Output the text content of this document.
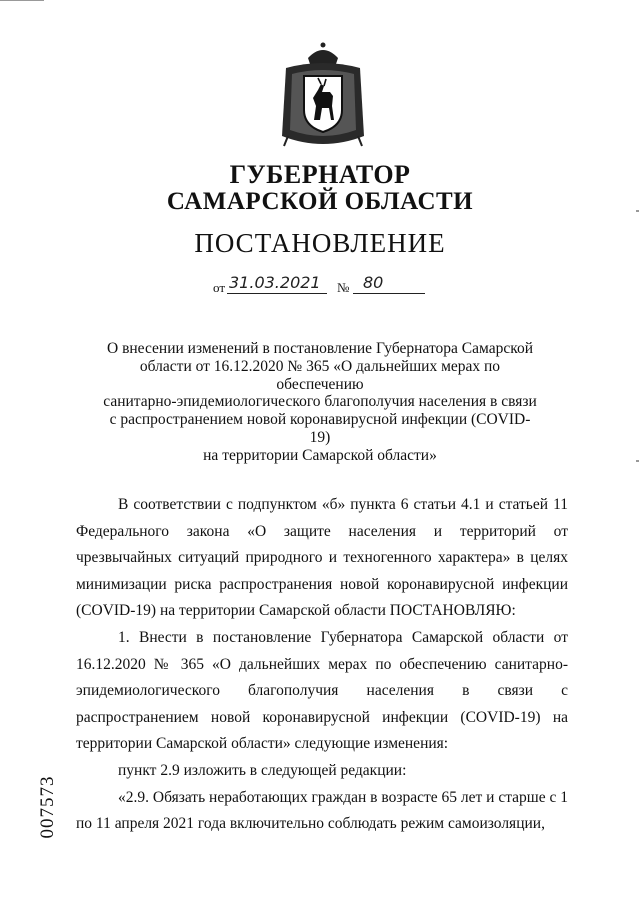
ГУБЕРНАТОР
САМАРСКОЙ ОБЛАСТИ
ПОСТАНОВЛЕНИЕ
от 31.03.2021 № 80
О внесении изменений в постановление Губернатора Самарской
области от 16.12.2020 № 365 «О дальнейших мерах по обеспечению
санитарно-эпидемиологического благополучия населения в связи
с распространением новой коронавирусной инфекции (COVID-19)
на территории Самарской области»

В соответствии с подпунктом «б» пункта 6 статьи 4.1 и статьей 11 Федерального закона «О защите населения и территорий от чрезвычайных ситуаций природного и техногенного характера» в целях минимизации риска распространения новой коронавирусной инфекции (COVID-19) на территории Самарской области ПОСТАНОВЛЯЮ:

1. Внести в постановление Губернатора Самарской области от 16.12.2020 № 365 «О дальнейших мерах по обеспечению санитарно-эпидемиологического благополучия населения в связи с распространением новой коронавирусной инфекции (COVID-19) на территории Самарской области» следующие изменения:

пункт 2.9 изложить в следующей редакции:

«2.9. Обязать неработающих граждан в возрасте 65 лет и старше с 1 по 11 апреля 2021 года включительно соблюдать режим самоизоляции,

007573
